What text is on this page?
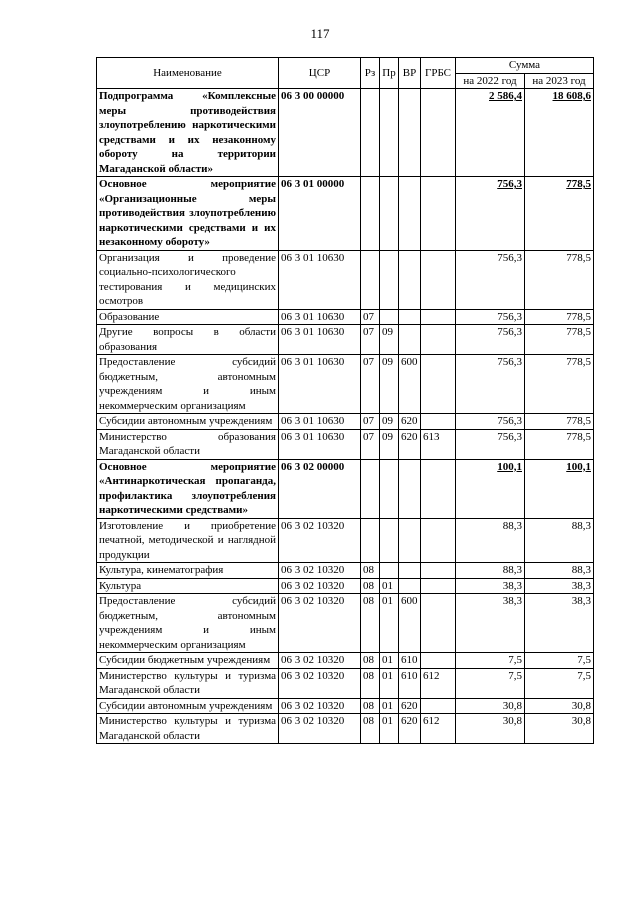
117
Наименование	ЦСР	Рз	Пр	ВР	ГРБС	Сумма	
						на 2022 год	на 2023 год
Подпрограмма «Комплексные меры противодействия злоупотреблению наркотическими средствами и их незаконному обороту на территории Магаданской области»	06 3 00 00000					2 586,4	18 608,6
Основное мероприятие «Организационные меры противодействия злоупотреблению наркотическими средствами и их незаконному обороту»	06 3 01 00000					756,3	778,5
Организация и проведение социально-психологического тестирования и медицинских осмотров	06 3 01 10630					756,3	778,5
Образование	06 3 01 10630	07				756,3	778,5
Другие вопросы в области образования	06 3 01 10630	07	09			756,3	778,5
Предоставление субсидий бюджетным, автономным учреждениям и иным некоммерческим организациям	06 3 01 10630	07	09	600		756,3	778,5
Субсидии автономным учреждениям	06 3 01 10630	07	09	620		756,3	778,5
Министерство образования Магаданской области	06 3 01 10630	07	09	620	613	756,3	778,5
Основное мероприятие «Антинаркотическая пропаганда, профилактика злоупотребления наркотическими средствами»	06 3 02 00000					100,1	100,1
Изготовление и приобретение печатной, методической и наглядной продукции	06 3 02 10320					88,3	88,3
Культура, кинематография	06 3 02 10320	08				88,3	88,3
Культура	06 3 02 10320	08	01			38,3	38,3
Предоставление субсидий бюджетным, автономным учреждениям и иным некоммерческим организациям	06 3 02 10320	08	01	600		38,3	38,3
Субсидии бюджетным учреждениям	06 3 02 10320	08	01	610		7,5	7,5
Министерство культуры и туризма Магаданской области	06 3 02 10320	08	01	610	612	7,5	7,5
Субсидии автономным учреждениям	06 3 02 10320	08	01	620		30,8	30,8
Министерство культуры и туризма Магаданской области	06 3 02 10320	08	01	620	612	30,8	30,8
